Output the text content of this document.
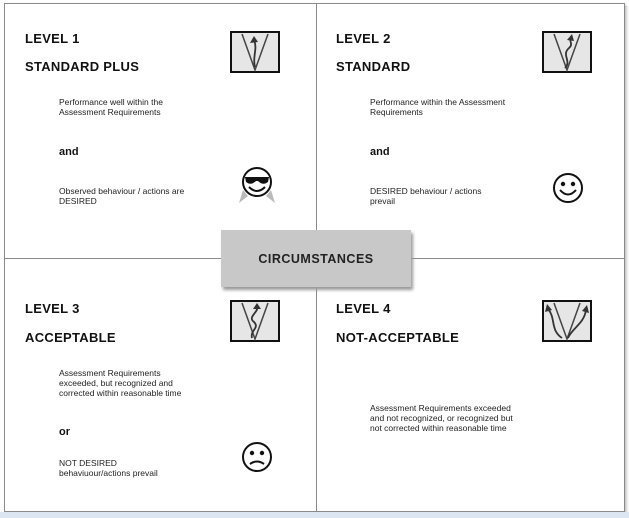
LEVEL 1
STANDARD PLUS
Performance well within the Assessment Requirements
and
Observed behaviour / actions are DESIRED
LEVEL 2
STANDARD
Performance within the Assessment Requirements
and
DESIRED behaviour / actions prevail
LEVEL 3
ACCEPTABLE
Assessment Requirements exceeded, but recognized and corrected within reasonable time
or
NOT DESIRED behaviuour/actions prevail
LEVEL 4
NOT-ACCEPTABLE
Assessment Requirements exceeded and not recognized, or recognized but not corrected within reasonable time
CIRCUMSTANCES
